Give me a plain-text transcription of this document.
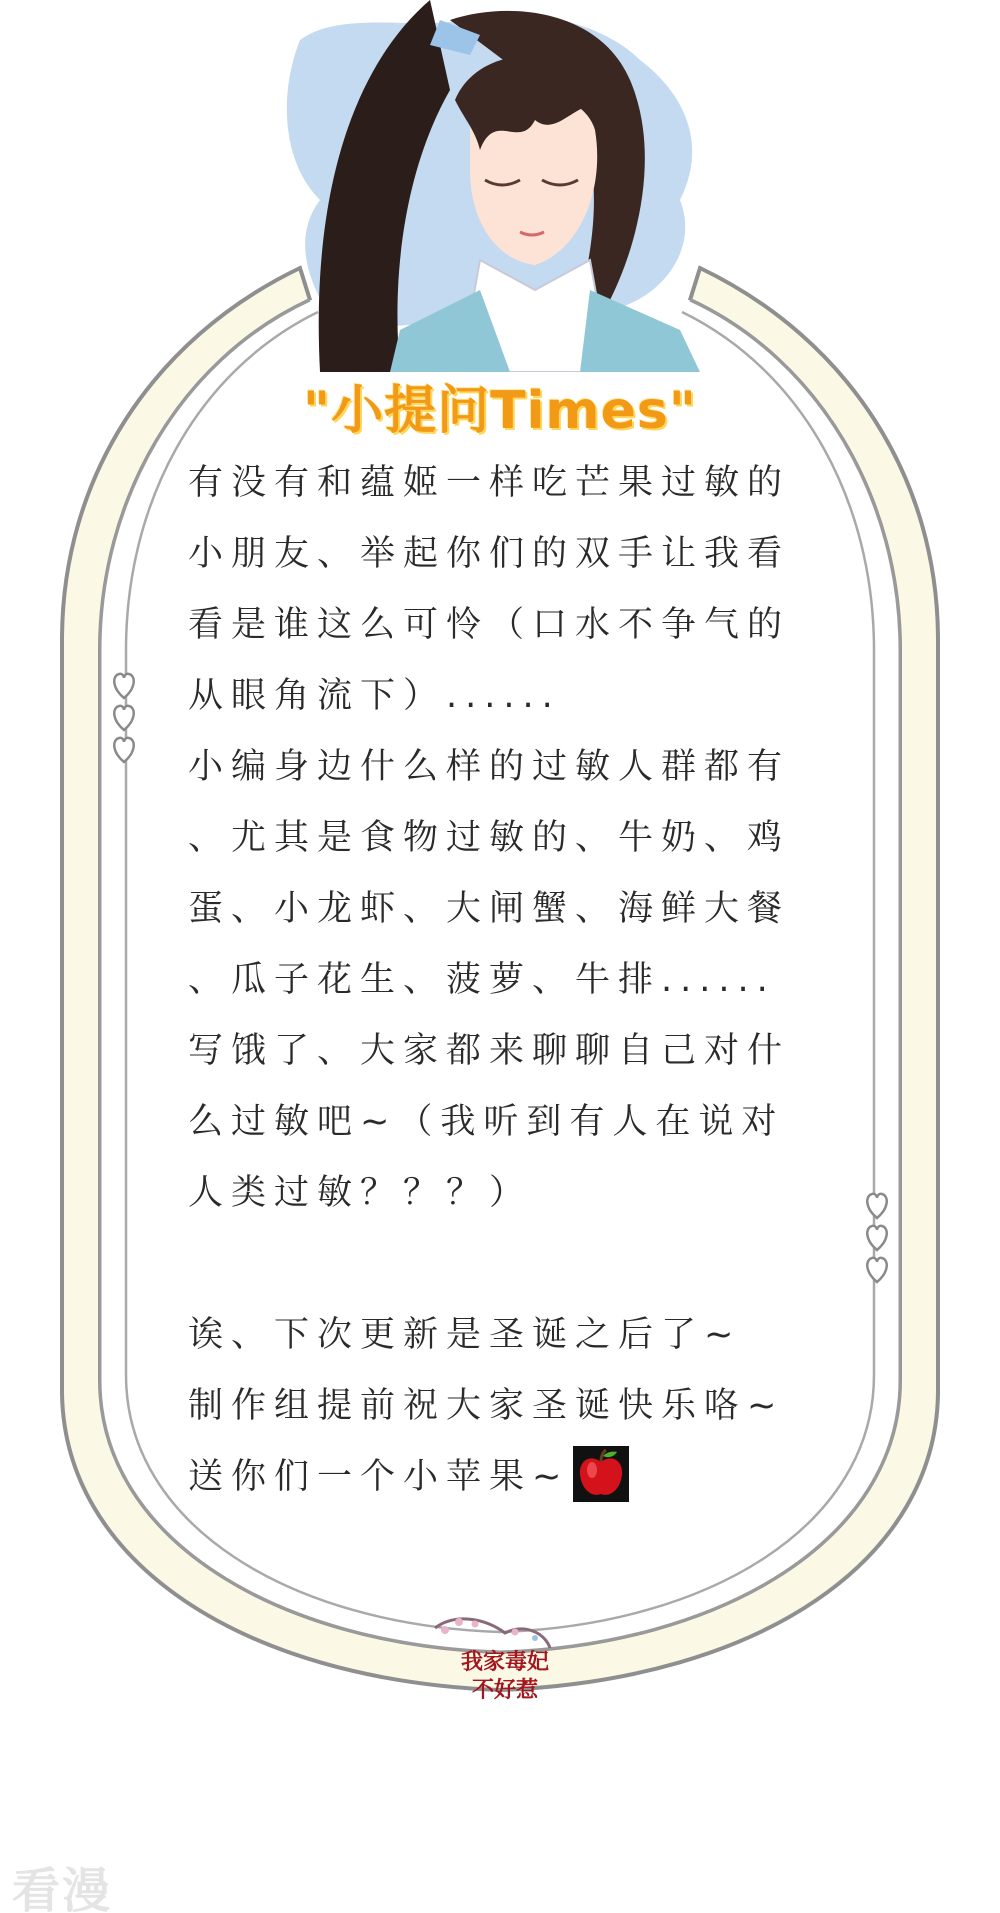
"小提问Times"
有没有和蕴姬一样吃芒果过敏的
小朋友、举起你们的双手让我看
看是谁这么可怜（口水不争气的
从眼角流下）......
小编身边什么样的过敏人群都有
、尤其是食物过敏的、牛奶、鸡
蛋、小龙虾、大闸蟹、海鲜大餐
、瓜子花生、菠萝、牛排......
写饿了、大家都来聊聊自己对什
么过敏吧~（我听到有人在说对
人类过敏？？？）
诶、下次更新是圣诞之后了~
制作组提前祝大家圣诞快乐咯~
送你们一个小苹果~
我家毒妃不好惹
看漫
